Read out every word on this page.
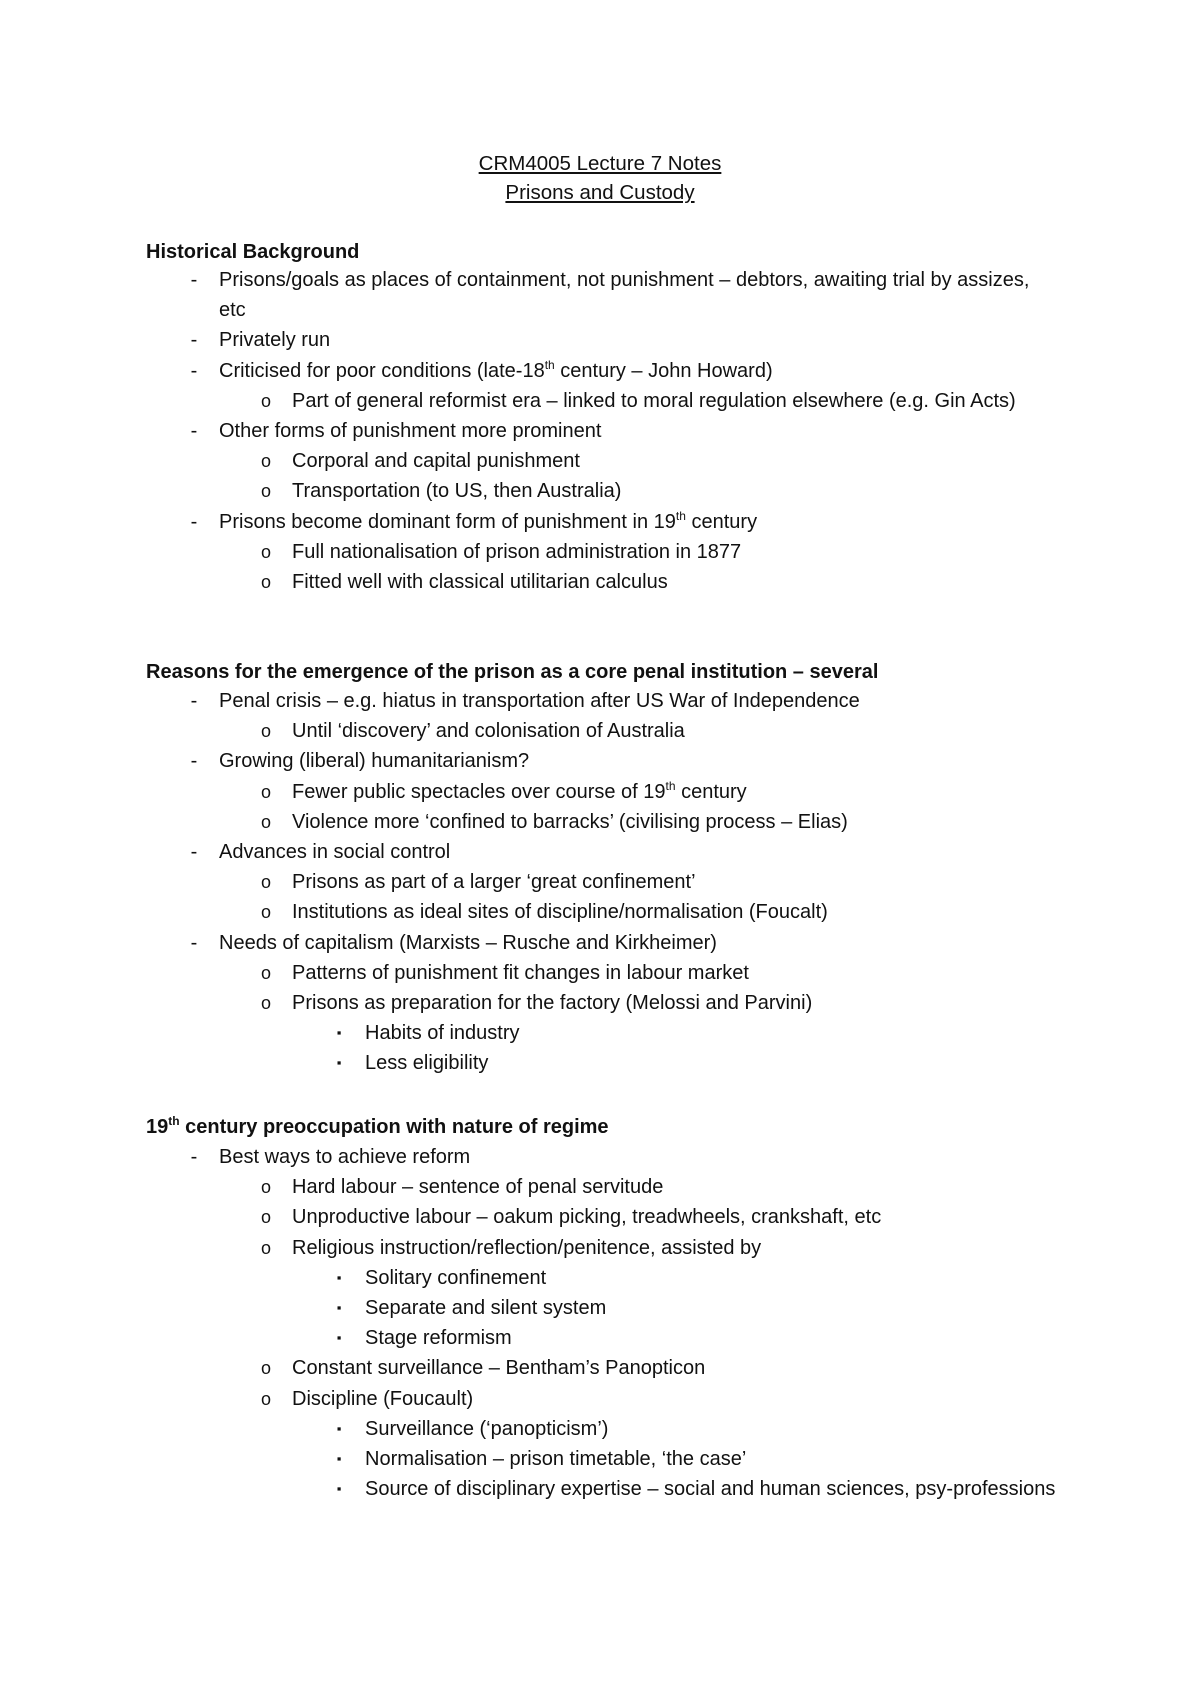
CRM4005 Lecture 7 Notes
Prisons and Custody
Historical Background
-	Prisons/goals as places of containment, not punishment – debtors, awaiting trial by assizes, etc
-	Privately run
-	Criticised for poor conditions (late-18th century – John Howard)
o Part of general reformist era – linked to moral regulation elsewhere (e.g. Gin Acts)
-	Other forms of punishment more prominent
o Corporal and capital punishment
o Transportation (to US, then Australia)
-	Prisons become dominant form of punishment in 19th century
o Full nationalisation of prison administration in 1877
o Fitted well with classical utilitarian calculus
Reasons for the emergence of the prison as a core penal institution – several
-	Penal crisis – e.g. hiatus in transportation after US War of Independence
o Until ‘discovery’ and colonisation of Australia
-	Growing (liberal) humanitarianism?
o Fewer public spectacles over course of 19th century
o Violence more ‘confined to barracks’ (civilising process – Elias)
-	Advances in social control
o Prisons as part of a larger ‘great confinement’
o Institutions as ideal sites of discipline/normalisation (Foucalt)
-	Needs of capitalism (Marxists – Rusche and Kirkheimer)
o Patterns of punishment fit changes in labour market
o Prisons as preparation for the factory (Melossi and Parvini)
▪	Habits of industry
▪	Less eligibility
19th century preoccupation with nature of regime
-	Best ways to achieve reform
o Hard labour – sentence of penal servitude
o Unproductive labour – oakum picking, treadwheels, crankshaft, etc
o Religious instruction/reflection/penitence, assisted by
▪	Solitary confinement
▪	Separate and silent system
▪	Stage reformism
o Constant surveillance – Bentham’s Panopticon
o Discipline (Foucault)
▪	Surveillance (‘panopticism’)
▪	Normalisation – prison timetable, ‘the case’
▪	Source of disciplinary expertise – social and human sciences, psy-professions
